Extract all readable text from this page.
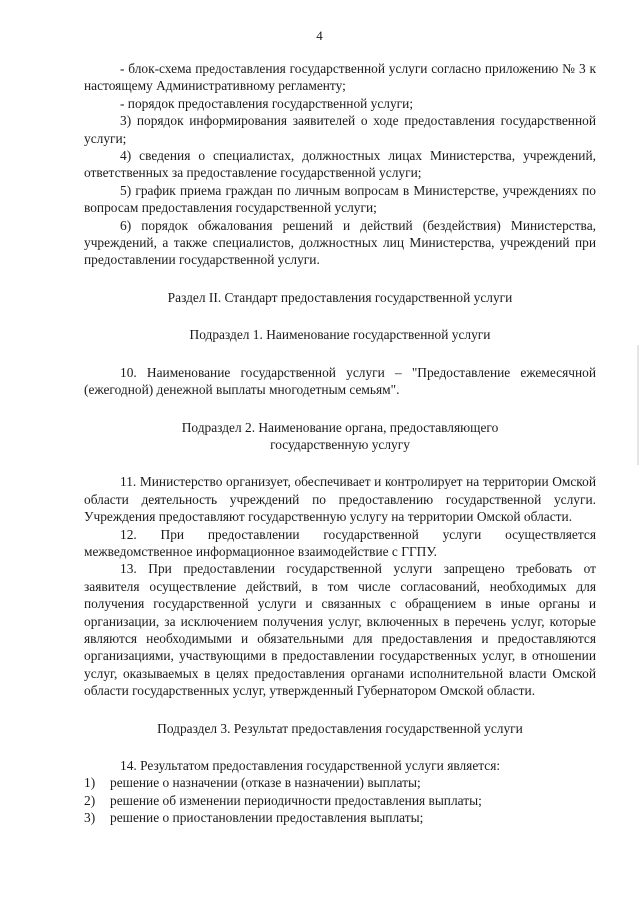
4

- блок-схема предоставления государственной услуги согласно приложению № 3 к настоящему Административному регламенту;

- порядок предоставления государственной услуги;

3) порядок информирования заявителей о ходе предоставления государственной услуги;

4) сведения о специалистах, должностных лицах Министерства, учреждений, ответственных за предоставление государственной услуги;

5) график приема граждан по личным вопросам в Министерстве, учреждениях по вопросам предоставления государственной услуги;

6) порядок обжалования решений и действий (бездействия) Министерства, учреждений, а также специалистов, должностных лиц Министерства, учреждений при предоставлении государственной услуги.

Раздел II. Стандарт предоставления государственной услуги

Подраздел 1. Наименование государственной услуги

10. Наименование государственной услуги – "Предоставление ежемесячной (ежегодной) денежной выплаты многодетным семьям".

Подраздел 2. Наименование органа, предоставляющего

государственную услугу

11. Министерство организует, обеспечивает и контролирует на территории Омской области деятельность учреждений по предоставлению государственной услуги. Учреждения предоставляют государственную услугу на территории Омской области.

12. При предоставлении государственной услуги осуществляется межведомственное информационное взаимодействие с ГГПУ.

13. При предоставлении государственной услуги запрещено требовать от заявителя осуществление действий, в том числе согласований, необходимых для получения государственной услуги и связанных с обращением в иные органы и организации, за исключением получения услуг, включенных в перечень услуг, которые являются необходимыми и обязательными для предоставления и предоставляются организациями, участвующими в предоставлении государственных услуг, в отношении услуг, оказываемых в целях предоставления органами исполнительной власти Омской области государственных услуг, утвержденный Губернатором Омской области.

Подраздел 3. Результат предоставления государственной услуги

14. Результатом предоставления государственной услуги является:

1)	решение о назначении (отказе в назначении) выплаты;
2)	решение об изменении периодичности предоставления выплаты;
3)	решение о приостановлении предоставления выплаты;
